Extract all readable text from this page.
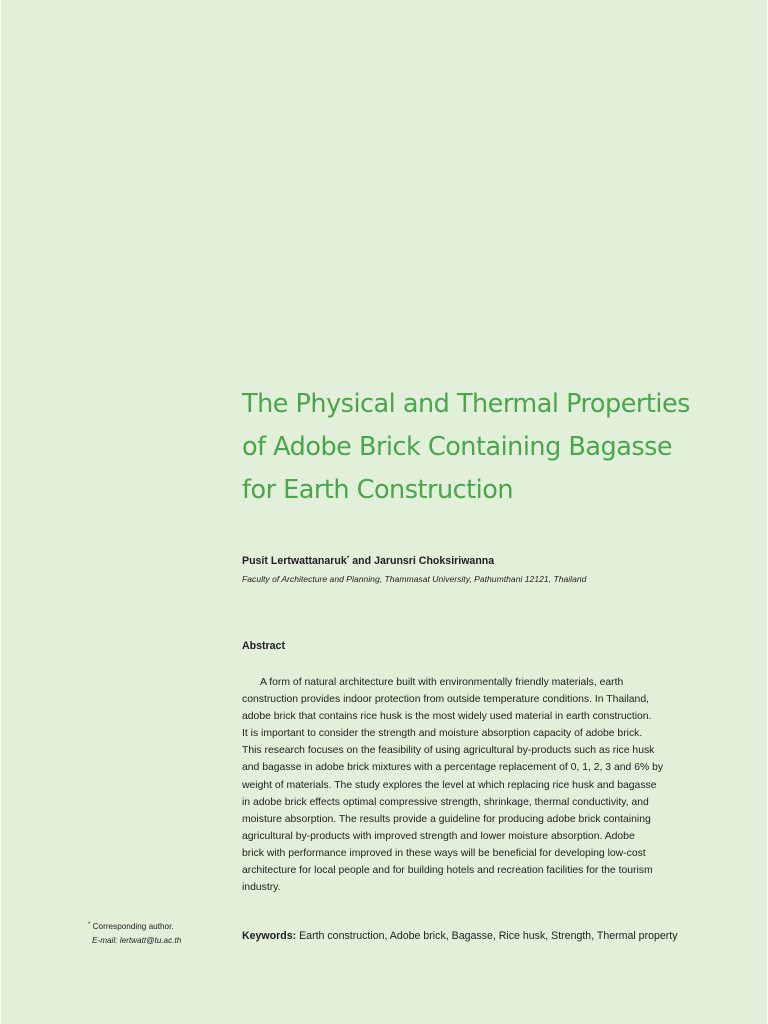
The Physical and Thermal Properties
of Adobe Brick Containing Bagasse
for Earth Construction
Pusit Lertwattanaruk* and Jarunsri Choksiriwanna
Faculty of Architecture and Planning, Thammasat University, Pathumthani 12121, Thailand
Abstract
A form of natural architecture built with environmentally friendly materials, earth
construction provides indoor protection from outside temperature conditions. In Thailand,
adobe brick that contains rice husk is the most widely used material in earth construction.
It is important to consider the strength and moisture absorption capacity of adobe brick.
This research focuses on the feasibility of using agricultural by-products such as rice husk
and bagasse in adobe brick mixtures with a percentage replacement of 0, 1, 2, 3 and 6% by
weight of materials. The study explores the level at which replacing rice husk and bagasse
in adobe brick effects optimal compressive strength, shrinkage, thermal conductivity, and
moisture absorption. The results provide a guideline for producing adobe brick containing
agricultural by-products with improved strength and lower moisture absorption. Adobe
brick with performance improved in these ways will be beneficial for developing low-cost
architecture for local people and for building hotels and recreation facilities for the tourism
industry.
Keywords: Earth construction, Adobe brick, Bagasse, Rice husk, Strength, Thermal property
* Corresponding author.
E-mail: lertwatt@tu.ac.th
